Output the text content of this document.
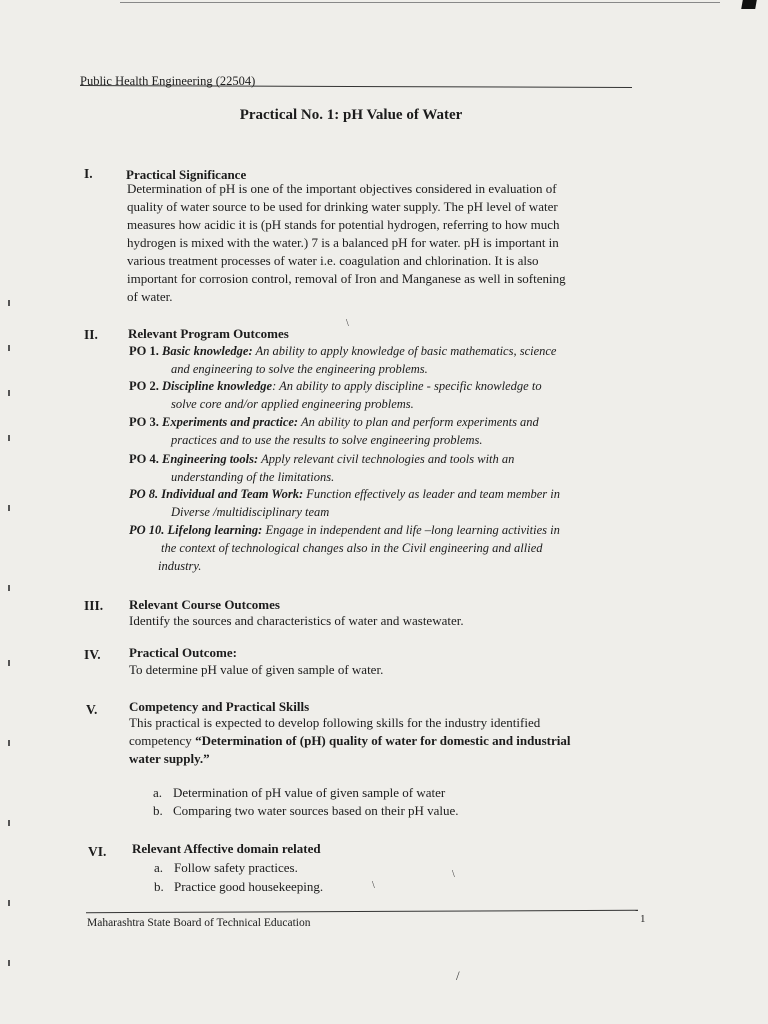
Public Health Engineering (22504)
Practical No. 1: pH Value of Water
I.	Practical Significance
Determination of pH is one of the important objectives considered in evaluation of
quality of water source to be used for drinking water supply. The pH level of water
measures how acidic it is (pH stands for potential hydrogen, referring to how much
hydrogen is mixed with the water.) 7 is a balanced pH for water. pH is important in
various treatment processes of water i.e. coagulation and chlorination. It is also
important for corrosion control, removal of Iron and Manganese as well in softening
of water.
II. Relevant Program Outcomes
\
PO 1. Basic knowledge: An ability to apply knowledge of basic mathematics, science
and engineering to solve the engineering problems.
PO 2. Discipline knowledge: An ability to apply discipline - specific knowledge to
solve core and/or applied engineering problems.
PO 3. Experiments and practice: An ability to plan and perform experiments and
practices and to use the results to solve engineering problems.
PO 4. Engineering tools: Apply relevant civil technologies and tools with an
understanding of the limitations.
PO 8. Individual and Team Work: Function effectively as leader and team member in
Diverse /multidisciplinary team
PO 10. Lifelong learning: Engage in independent and life –long learning activities in
the context of technological changes also in the Civil engineering and allied
industry.
III. Relevant Course Outcomes
Identify the sources and characteristics of water and wastewater.
IV. Practical Outcome:
To determine pH value of given sample of water.
V. Competency and Practical Skills
This practical is expected to develop following skills for the industry identified
competency “Determination of (pH) quality of water for domestic and industrial
water supply.”
a. Determination of pH value of given sample of water
b. Comparing two water sources based on their pH value.
VI. Relevant Affective domain related
a. Follow safety practices.
b. Practice good housekeeping.
\
\
1
Maharashtra State Board of Technical Education
/
